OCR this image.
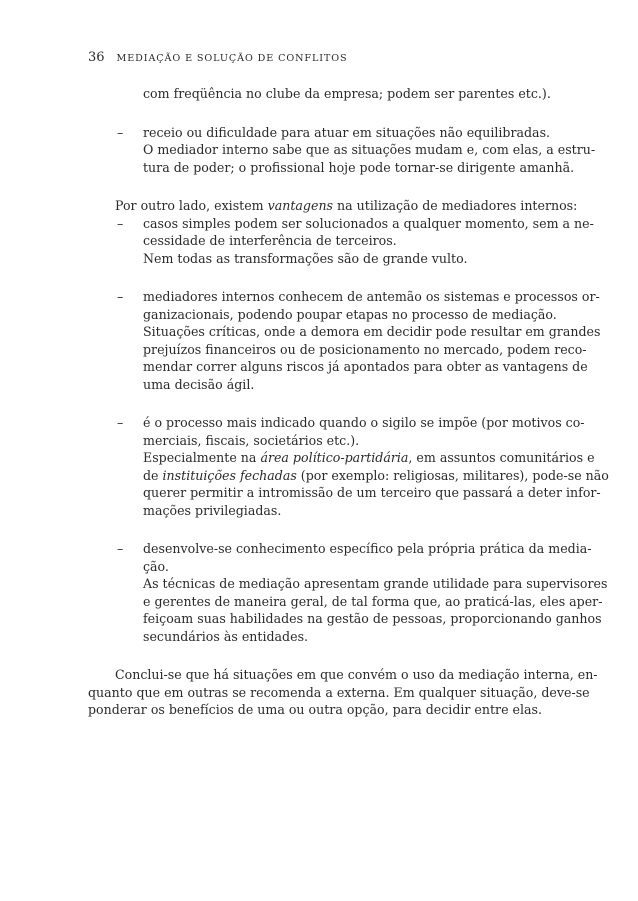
36 MEDIAÇÃO E SOLUÇÃO DE CONFLITOS
com freqüência no clube da empresa; podem ser parentes etc.).
– receio ou dificuldade para atuar em situações não equilibradas.
O mediador interno sabe que as situações mudam e, com elas, a estru-
tura de poder; o profissional hoje pode tornar-se dirigente amanhã.
Por outro lado, existem vantagens na utilização de mediadores internos:
– casos simples podem ser solucionados a qualquer momento, sem a ne-
cessidade de interferência de terceiros.
Nem todas as transformações são de grande vulto.
– mediadores internos conhecem de antemão os sistemas e processos or-
ganizacionais, podendo poupar etapas no processo de mediação.
Situações críticas, onde a demora em decidir pode resultar em grandes
prejuízos financeiros ou de posicionamento no mercado, podem reco-
mendar correr alguns riscos já apontados para obter as vantagens de
uma decisão ágil.
– é o processo mais indicado quando o sigilo se impõe (por motivos co-
merciais, fiscais, societários etc.).
Especialmente na área político-partidária, em assuntos comunitários e
de instituições fechadas (por exemplo: religiosas, militares), pode-se não
querer permitir a intromissão de um terceiro que passará a deter infor-
mações privilegiadas.
– desenvolve-se conhecimento específico pela própria prática da media-
ção.
As técnicas de mediação apresentam grande utilidade para supervisores
e gerentes de maneira geral, de tal forma que, ao praticá-las, eles aper-
feiçoam suas habilidades na gestão de pessoas, proporcionando ganhos
secundários às entidades.
Conclui-se que há situações em que convém o uso da mediação interna, en-
quanto que em outras se recomenda a externa. Em qualquer situação, deve-se
ponderar os benefícios de uma ou outra opção, para decidir entre elas.
